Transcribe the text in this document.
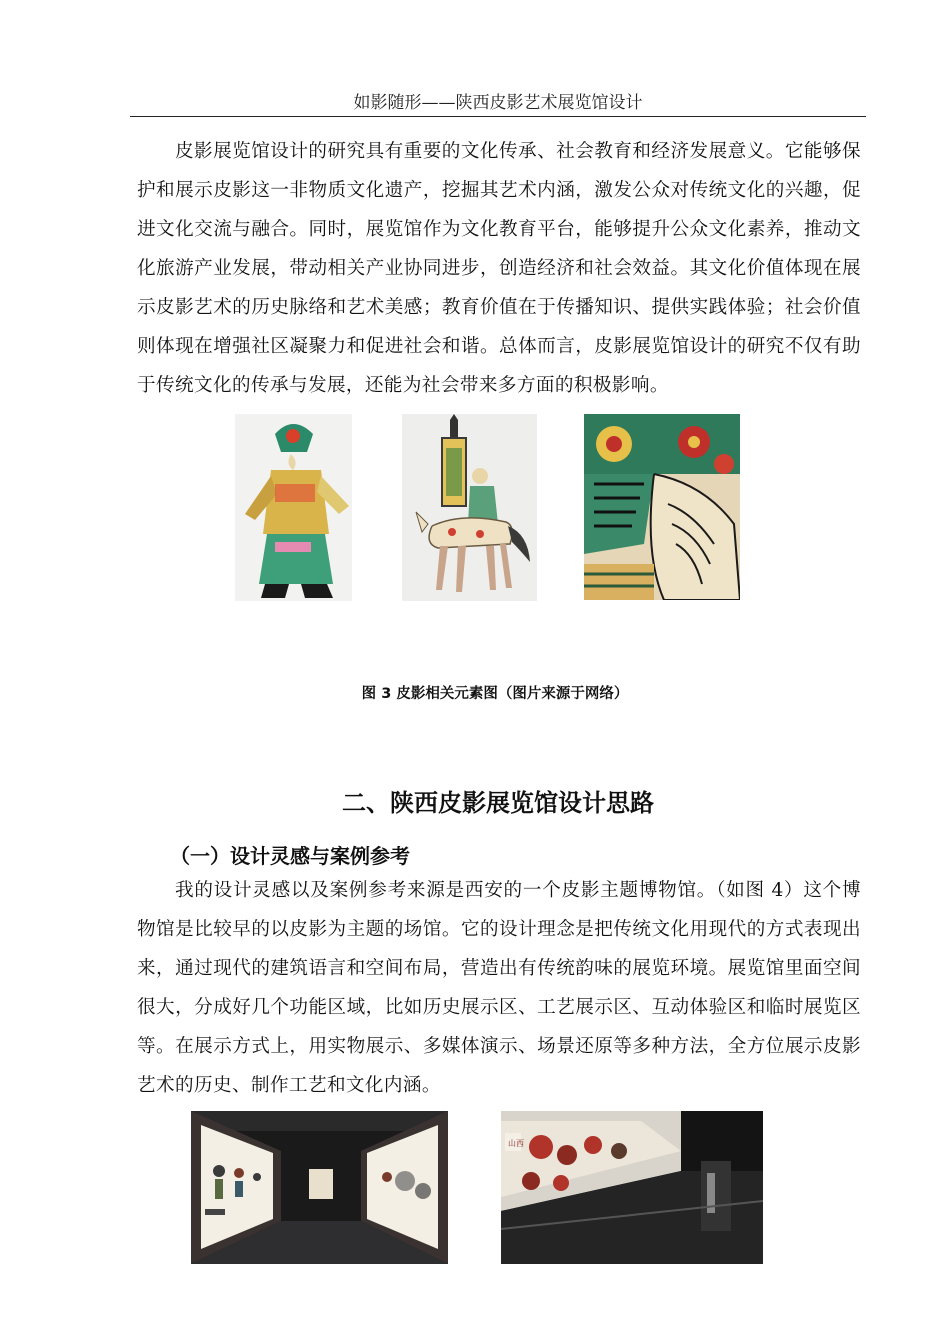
如影随形——陕西皮影艺术展览馆设计

皮影展览馆设计的研究具有重要的文化传承、社会教育和经济发展意义。它能够保护和展示皮影这一非物质文化遗产，挖掘其艺术内涵，激发公众对传统文化的兴趣，促进文化交流与融合。同时，展览馆作为文化教育平台，能够提升公众文化素养，推动文化旅游产业发展，带动相关产业协同进步，创造经济和社会效益。其文化价值体现在展示皮影艺术的历史脉络和艺术美感；教育价值在于传播知识、提供实践体验；社会价值则体现在增强社区凝聚力和促进社会和谐。总体而言，皮影展览馆设计的研究不仅有助于传统文化的传承与发展，还能为社会带来多方面的积极影响。

图 3 皮影相关元素图（图片来源于网络）
二、陕西皮影展览馆设计思路
（一）设计灵感与案例参考

我的设计灵感以及案例参考来源是西安的一个皮影主题博物馆。（如图 4）这个博物馆是比较早的以皮影为主题的场馆。它的设计理念是把传统文化用现代的方式表现出来，通过现代的建筑语言和空间布局，营造出有传统韵味的展览环境。展览馆里面空间很大，分成好几个功能区域，比如历史展示区、工艺展示区、互动体验区和临时展览区等。在展示方式上，用实物展示、多媒体演示、场景还原等多种方法，全方位展示皮影艺术的历史、制作工艺和文化内涵。

山西
